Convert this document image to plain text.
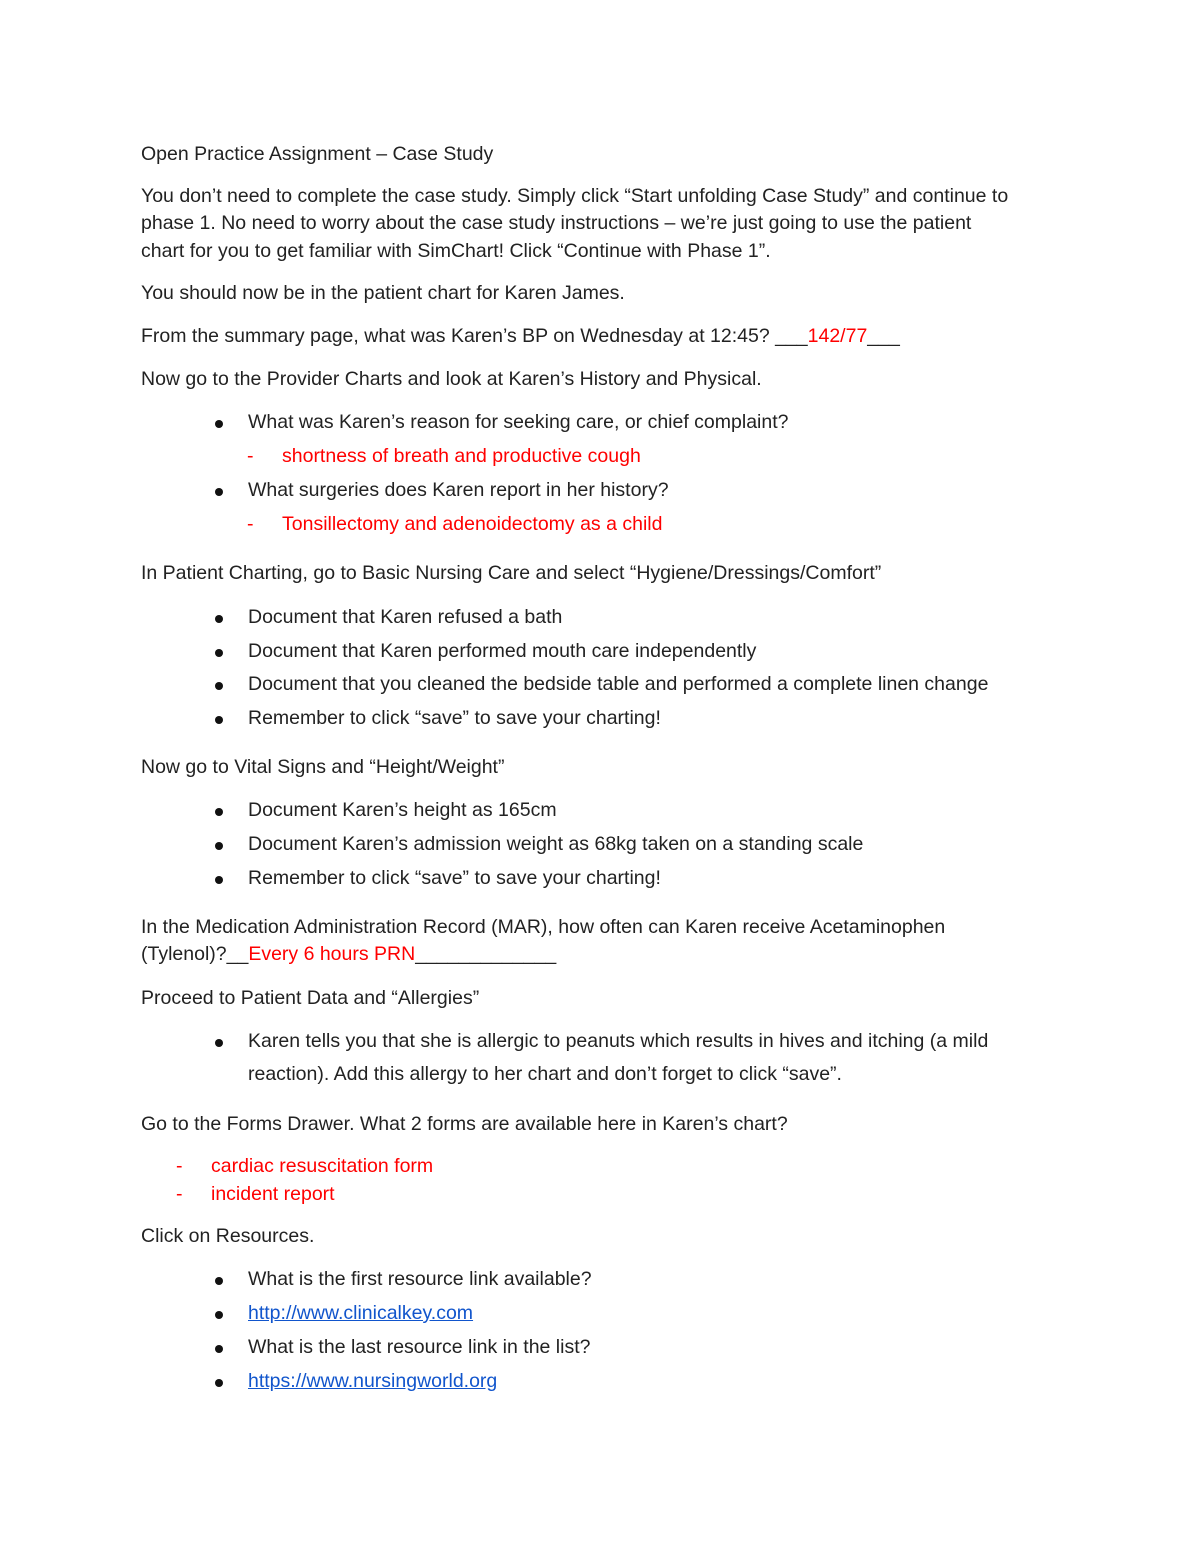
Open Practice Assignment – Case Study
You don’t need to complete the case study. Simply click “Start unfolding Case Study” and continue to
phase 1. No need to worry about the case study instructions – we’re just going to use the patient
chart for you to get familiar with SimChart! Click “Continue with Phase 1”.
You should now be in the patient chart for Karen James.
From the summary page, what was Karen’s BP on Wednesday at 12:45? ___142/77___
Now go to the Provider Charts and look at Karen’s History and Physical.
What was Karen’s reason for seeking care, or chief complaint?
- shortness of breath and productive cough
What surgeries does Karen report in her history?
- Tonsillectomy and adenoidectomy as a child
In Patient Charting, go to Basic Nursing Care and select “Hygiene/Dressings/Comfort”
Document that Karen refused a bath
Document that Karen performed mouth care independently
Document that you cleaned the bedside table and performed a complete linen change
Remember to click “save” to save your charting!
Now go to Vital Signs and “Height/Weight”
Document Karen’s height as 165cm
Document Karen’s admission weight as 68kg taken on a standing scale
Remember to click “save” to save your charting!
In the Medication Administration Record (MAR), how often can Karen receive Acetaminophen
(Tylenol)?__Every 6 hours PRN_____________
Proceed to Patient Data and “Allergies”
Karen tells you that she is allergic to peanuts which results in hives and itching (a mild
reaction). Add this allergy to her chart and don’t forget to click “save”.
Go to the Forms Drawer. What 2 forms are available here in Karen’s chart?
- cardiac resuscitation form
- incident report
Click on Resources.
What is the first resource link available?
http://www.clinicalkey.com
What is the last resource link in the list?
https://www.nursingworld.org
